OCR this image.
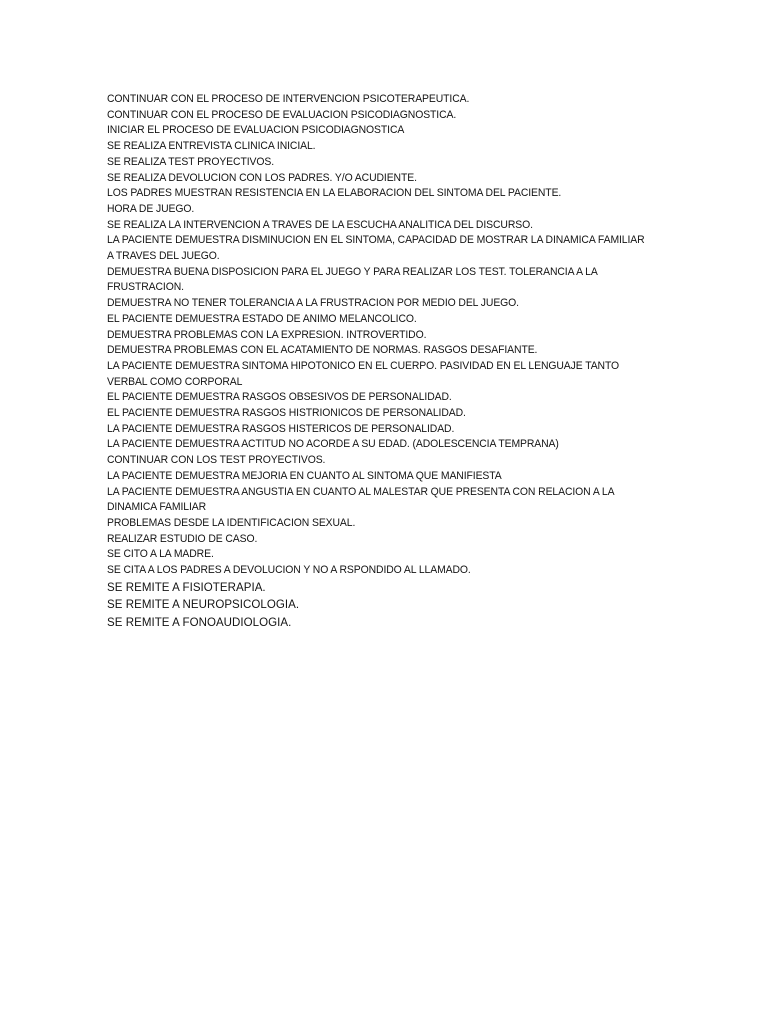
CONTINUAR CON EL PROCESO DE INTERVENCION PSICOTERAPEUTICA.
CONTINUAR CON EL PROCESO DE EVALUACION PSICODIAGNOSTICA.
INICIAR EL PROCESO DE EVALUACION PSICODIAGNOSTICA
SE REALIZA ENTREVISTA CLINICA INICIAL.
SE REALIZA TEST PROYECTIVOS.
SE REALIZA DEVOLUCION CON LOS PADRES. Y/O ACUDIENTE.
LOS PADRES MUESTRAN RESISTENCIA EN LA ELABORACION DEL SINTOMA DEL PACIENTE.
HORA DE JUEGO.
SE REALIZA LA INTERVENCION A TRAVES DE LA ESCUCHA ANALITICA DEL DISCURSO.
LA PACIENTE DEMUESTRA DISMINUCION EN EL SINTOMA, CAPACIDAD DE MOSTRAR LA DINAMICA FAMILIAR
A TRAVES DEL JUEGO.
DEMUESTRA BUENA DISPOSICION PARA EL JUEGO Y PARA REALIZAR LOS TEST. TOLERANCIA A LA
FRUSTRACION.
DEMUESTRA NO TENER TOLERANCIA A LA FRUSTRACION POR MEDIO DEL JUEGO.
EL PACIENTE DEMUESTRA ESTADO DE ANIMO MELANCOLICO.
DEMUESTRA PROBLEMAS CON LA EXPRESION. INTROVERTIDO.
DEMUESTRA PROBLEMAS CON EL ACATAMIENTO DE NORMAS. RASGOS DESAFIANTE.
LA PACIENTE DEMUESTRA SINTOMA HIPOTONICO EN EL CUERPO. PASIVIDAD EN EL LENGUAJE TANTO
VERBAL COMO CORPORAL
EL PACIENTE DEMUESTRA RASGOS OBSESIVOS DE PERSONALIDAD.
EL PACIENTE DEMUESTRA RASGOS HISTRIONICOS DE PERSONALIDAD.
LA PACIENTE DEMUESTRA RASGOS HISTERICOS DE PERSONALIDAD.
LA PACIENTE DEMUESTRA ACTITUD NO ACORDE A SU EDAD. (ADOLESCENCIA TEMPRANA)
CONTINUAR CON LOS TEST PROYECTIVOS.
LA PACIENTE DEMUESTRA MEJORIA EN CUANTO AL SINTOMA QUE MANIFIESTA
LA PACIENTE DEMUESTRA ANGUSTIA EN CUANTO AL MALESTAR QUE PRESENTA CON RELACION A LA
DINAMICA FAMILIAR
PROBLEMAS DESDE LA IDENTIFICACION SEXUAL.
REALIZAR ESTUDIO DE CASO.
SE CITO A LA MADRE.
SE CITA A LOS PADRES A DEVOLUCION Y NO A RSPONDIDO AL LLAMADO.
SE REMITE A FISIOTERAPIA.
SE REMITE A NEUROPSICOLOGIA.
SE REMITE A FONOAUDIOLOGIA.
